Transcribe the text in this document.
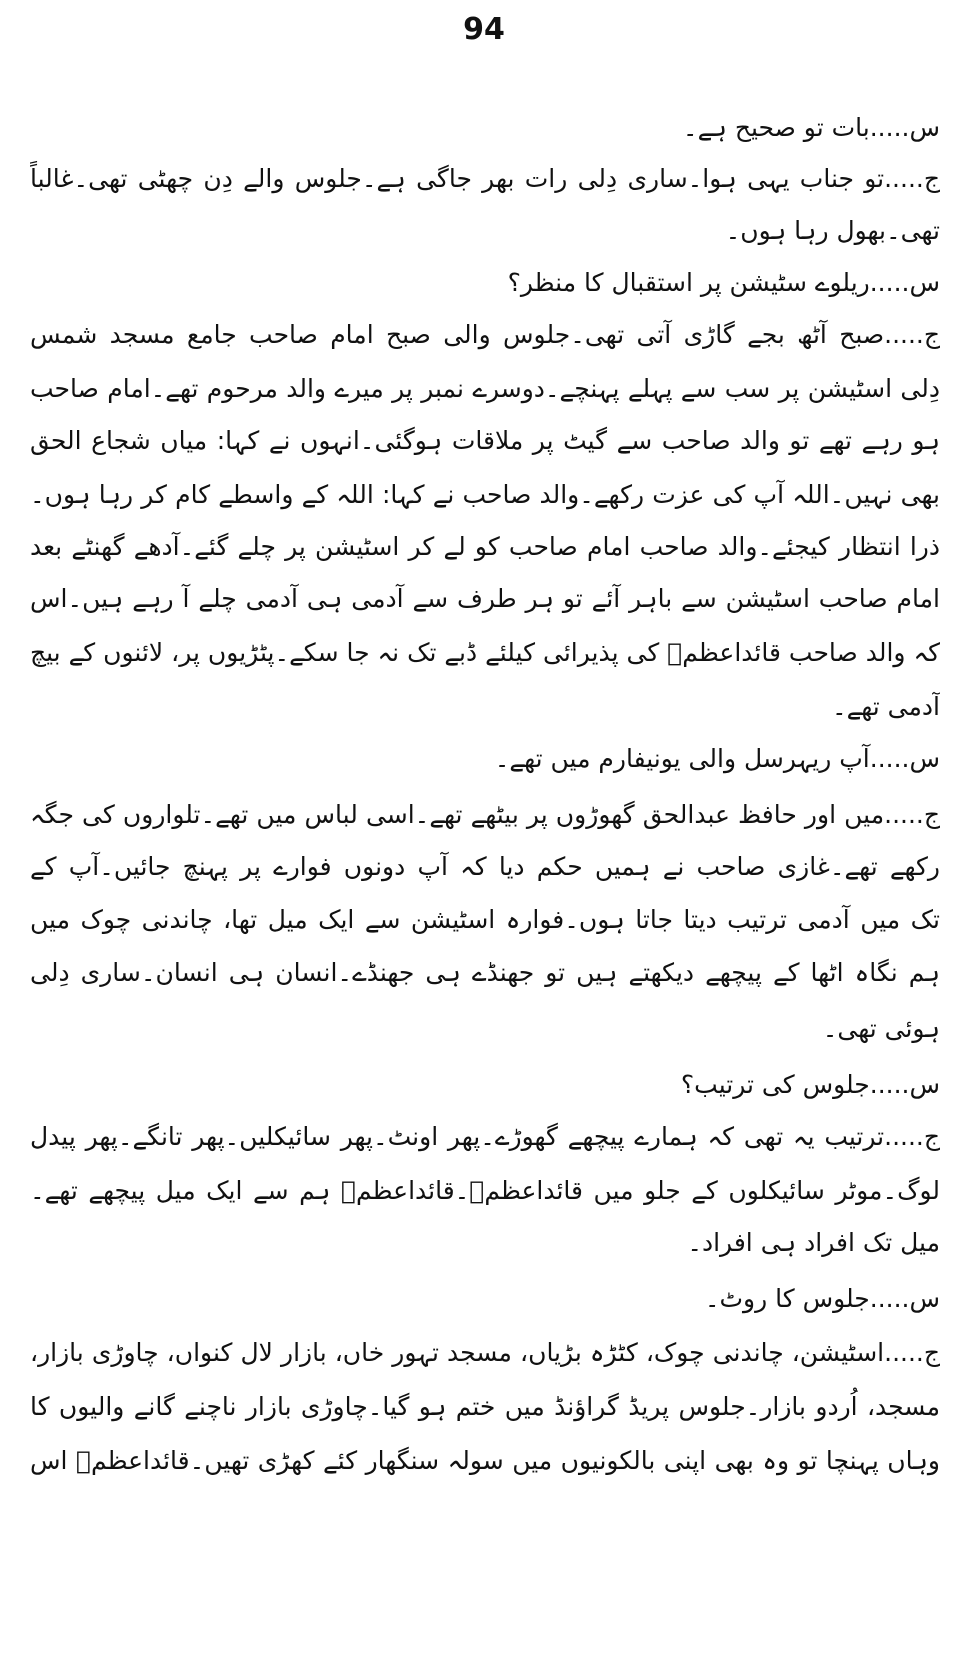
94
س.....بات تو صحیح ہے۔
ج.....تو جناب یہی ہوا۔ساری دِلی رات بھر جاگی ہے۔جلوس والے دِن چھٹی تھی۔غالباً
تھی۔بھول رہا ہوں۔
س.....ریلوے سٹیشن پر استقبال کا منظر؟
ج.....صبح آٹھ بجے گاڑی آتی تھی۔جلوس والی صبح امام صاحب جامع مسجد شمس
دِلی اسٹیشن پر سب سے پہلے پہنچے۔دوسرے نمبر پر میرے والد مرحوم تھے۔امام صاحب
ہو رہے تھے تو والد صاحب سے گیٹ پر ملاقات ہوگئی۔انہوں نے کہا: میاں شجاع الحق
بھی نہیں۔اللہ آپ کی عزت رکھے۔والد صاحب نے کہا: اللہ کے واسطے کام کر رہا ہوں۔
ذرا انتظار کیجئے۔والد صاحب امام صاحب کو لے کر اسٹیشن پر چلے گئے۔آدھے گھنٹے بعد
امام صاحب اسٹیشن سے باہر آئے تو ہر طرف سے آدمی ہی آدمی چلے آ رہے ہیں۔اس
کہ والد صاحب قائداعظمؒ کی پذیرائی کیلئے ڈبے تک نہ جا سکے۔پٹڑیوں پر، لائنوں کے بیچ
آدمی تھے۔
س.....آپ ریہرسل والی یونیفارم میں تھے۔
ج.....میں اور حافظ عبدالحق گھوڑوں پر بیٹھے تھے۔اسی لباس میں تھے۔تلواروں کی جگہ
رکھے تھے۔غازی صاحب نے ہمیں حکم دیا کہ آپ دونوں فوارے پر پہنچ جائیں۔آپ کے
تک میں آدمی ترتیب دیتا جاتا ہوں۔فوارہ اسٹیشن سے ایک میل تھا، چاندنی چوک میں
ہم نگاہ اٹھا کے پیچھے دیکھتے ہیں تو جھنڈے ہی جھنڈے۔انسان ہی انسان۔ساری دِلی
ہوئی تھی۔
س.....جلوس کی ترتیب؟
ج.....ترتیب یہ تھی کہ ہمارے پیچھے گھوڑے۔پھر اونٹ۔پھر سائیکلیں۔پھر تانگے۔پھر پیدل
لوگ۔موٹر سائیکلوں کے جلو میں قائداعظمؒ۔قائداعظمؒ ہم سے ایک میل پیچھے تھے۔
میل تک افراد ہی افراد۔
س.....جلوس کا روٹ۔
ج.....اسٹیشن، چاندنی چوک، کٹڑہ بڑیاں، مسجد تہور خاں، بازار لال کنواں، چاوڑی بازار،
مسجد، اُردو بازار۔جلوس پریڈ گراؤنڈ میں ختم ہو گیا۔چاوڑی بازار ناچنے گانے والیوں کا
وہاں پہنچا تو وہ بھی اپنی بالکونیوں میں سولہ سنگھار کئے کھڑی تھیں۔قائداعظمؒ اس
